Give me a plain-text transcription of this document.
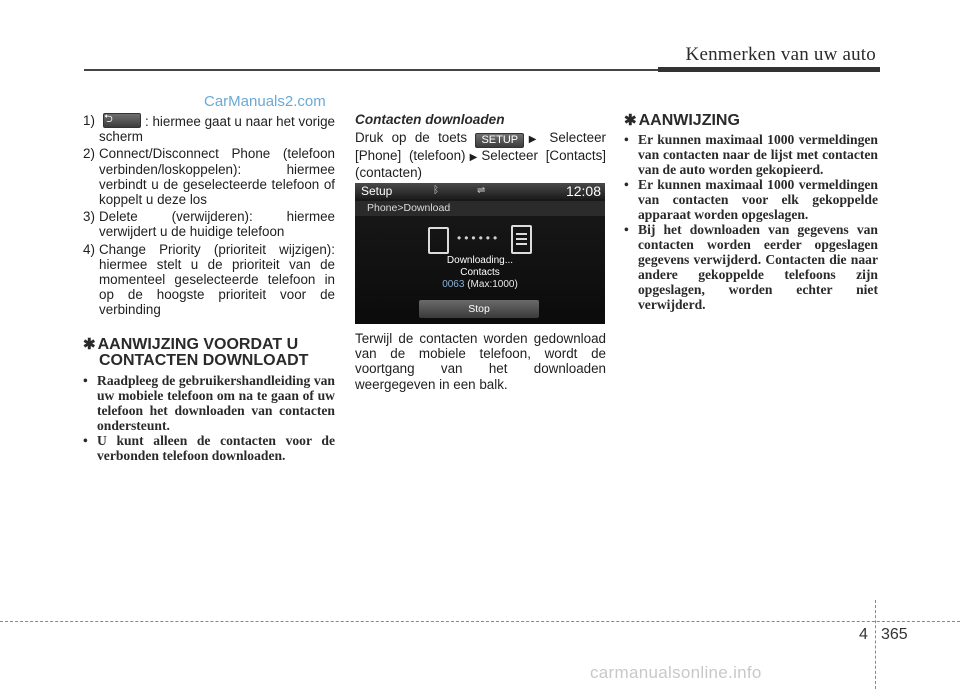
Kenmerken van uw auto
CarManuals2.com
1) ⮌	: hiermee gaat u naar het vorige scherm
2) Connect/Disconnect Phone (telefoon verbinden/loskoppelen): hiermee verbindt u de geselecteerde telefoon of koppelt u deze los
3) Delete (verwijderen): hiermee verwijdert u de huidige telefoon
4) Change Priority (prioriteit wijzigen): hiermee stelt u de prioriteit van de momenteel geselecteerde telefoon in op de hoogste prioriteit voor de verbinding
✱ AANWIJZING VOORDAT U
CONTACTEN DOWNLOADT
• Raadpleeg de gebruikershandleiding van uw mobiele telefoon om na te gaan of uw telefoon het downloaden van contacten ondersteunt.
• U kunt alleen de contacten voor de verbonden telefoon downloaden.
Contacten downloaden
Druk op de toets SETUP ▶ Selecteer [Phone] (telefoon)▶Selecteer [Contacts] (contacten)
Setup	ᛒ	⇌	12:08
Phone>Download
••••••
Downloading...
Contacts
0063 (Max:1000)
Stop
Terwijl de contacten worden gedownload van de mobiele telefoon, wordt de voortgang van het downloaden weergegeven in een balk.
✱ AANWIJZING
• Er kunnen maximaal 1000 vermeldingen van contacten naar de lijst met contacten van de auto worden gekopieerd.
• Er kunnen maximaal 1000 vermeldingen van contacten voor elk gekoppelde apparaat worden opgeslagen.
• Bij het downloaden van gegevens van contacten worden eerder opgeslagen gegevens verwijderd. Contacten die naar andere gekoppelde telefoons zijn opgeslagen, worden echter niet verwijderd.
4 365
carmanualsonline.info
